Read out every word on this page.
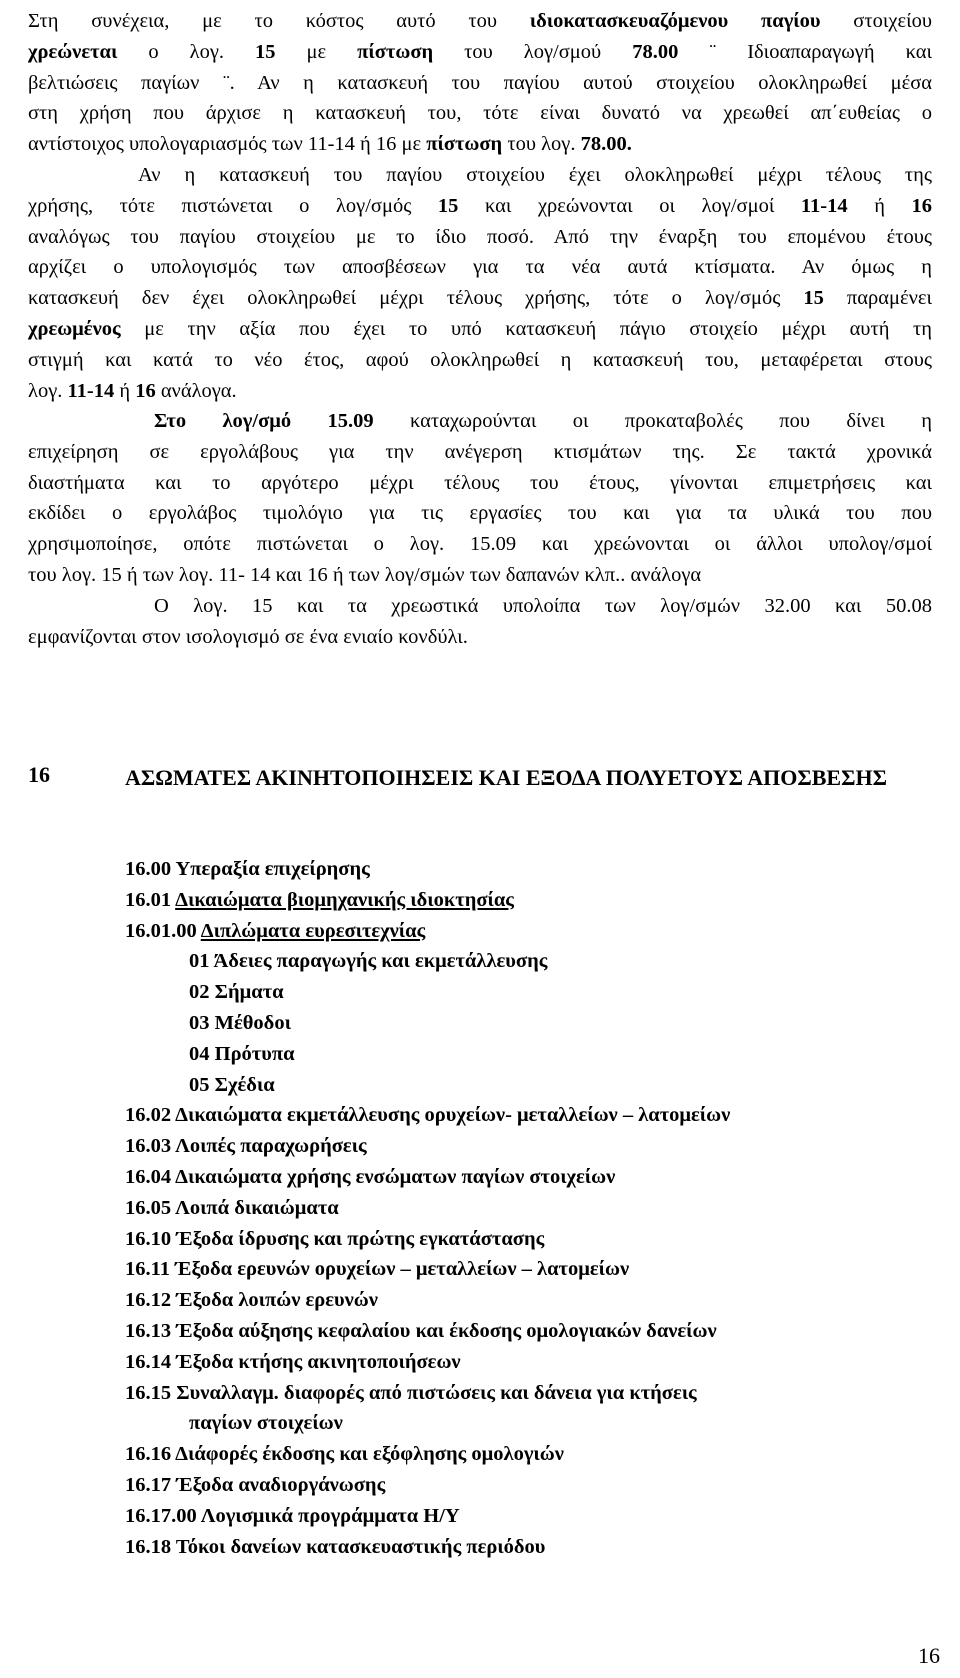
Στη συνέχεια, με το κόστος αυτό του ιδιοκατασκευαζόμενου παγίου στοιχείου
χρεώνεται ο λογ. 15 με πίστωση του λογ/σμού 78.00 ¨ Ιδιοαπαραγωγή και
βελτιώσεις παγίων ¨. Αν η κατασκευή του παγίου αυτού στοιχείου ολοκληρωθεί μέσα
στη χρήση που άρχισε η κατασκευή του, τότε είναι δυνατό να χρεωθεί απ΄ευθείας ο
αντίστοιχος υπολογαριασμός των 11-14 ή 16 με πίστωση του λογ. 78.00.

Αν η κατασκευή του παγίου στοιχείου έχει ολοκληρωθεί μέχρι τέλους της
χρήσης, τότε πιστώνεται ο λογ/σμός 15 και χρεώνονται οι λογ/σμοί 11-14 ή 16
αναλόγως του παγίου στοιχείου με το ίδιο ποσό. Από την έναρξη του επομένου έτους
αρχίζει ο υπολογισμός των αποσβέσεων για τα νέα αυτά κτίσματα. Αν όμως η
κατασκευή δεν έχει ολοκληρωθεί μέχρι τέλους χρήσης, τότε ο λογ/σμός 15 παραμένει
χρεωμένος με την αξία που έχει το υπό κατασκευή πάγιο στοιχείο μέχρι αυτή τη
στιγμή και κατά το νέο έτος, αφού ολοκληρωθεί η κατασκευή του, μεταφέρεται στους
λογ. 11-14 ή 16 ανάλογα.

Στο λογ/σμό 15.09 καταχωρούνται οι προκαταβολές που δίνει η
επιχείρηση σε εργολάβους για την ανέγερση κτισμάτων της. Σε τακτά χρονικά
διαστήματα και το αργότερο μέχρι τέλους του έτους, γίνονται επιμετρήσεις και
εκδίδει ο εργολάβος τιμολόγιο για τις εργασίες του και για τα υλικά του που
χρησιμοποίησε, οπότε πιστώνεται ο λογ. 15.09 και χρεώνονται οι άλλοι υπολογ/σμοί
του λογ. 15 ή των λογ. 11- 14 και 16 ή των λογ/σμών των δαπανών κλπ.. ανάλογα

Ο λογ. 15 και τα χρεωστικά υπολοίπα των λογ/σμών 32.00 και 50.08
εμφανίζονται στον ισολογισμό σε ένα ενιαίο κονδύλι.

16	ΑΣΩΜΑΤΕΣ ΑΚΙΝΗΤΟΠΟΙΗΣΕΙΣ ΚΑΙ ΕΞΟΔΑ ΠΟΛΥΕΤΟΥΣ ΑΠΟΣΒΕΣΗΣ
16.00 Υπεραξία επιχείρησης
16.01 Δικαιώματα βιομηχανικής ιδιοκτησίας
16.01.00 Διπλώματα ευρεσιτεχνίας
01 Άδειες παραγωγής και εκμετάλλευσης
02 Σήματα
03 Μέθοδοι
04 Πρότυπα
05 Σχέδια
16.02 Δικαιώματα εκμετάλλευσης ορυχείων- μεταλλείων – λατομείων
16.03 Λοιπές παραχωρήσεις
16.04 Δικαιώματα χρήσης ενσώματων παγίων στοιχείων
16.05 Λοιπά δικαιώματα
16.10 Έξοδα ίδρυσης και πρώτης εγκατάστασης
16.11 Έξοδα ερευνών ορυχείων – μεταλλείων – λατομείων
16.12 Έξοδα λοιπών ερευνών
16.13 Έξοδα αύξησης κεφαλαίου και έκδοσης ομολογιακών δανείων
16.14 Έξοδα κτήσης ακινητοποιήσεων
16.15 Συναλλαγμ. διαφορές από πιστώσεις και δάνεια για κτήσεις
παγίων στοιχείων
16.16 Διάφορές έκδοσης και εξόφλησης ομολογιών
16.17 Έξοδα αναδιοργάνωσης
16.17.00 Λογισμικά προγράμματα Η/Υ
16.18 Τόκοι δανείων κατασκευαστικής περιόδου
16
